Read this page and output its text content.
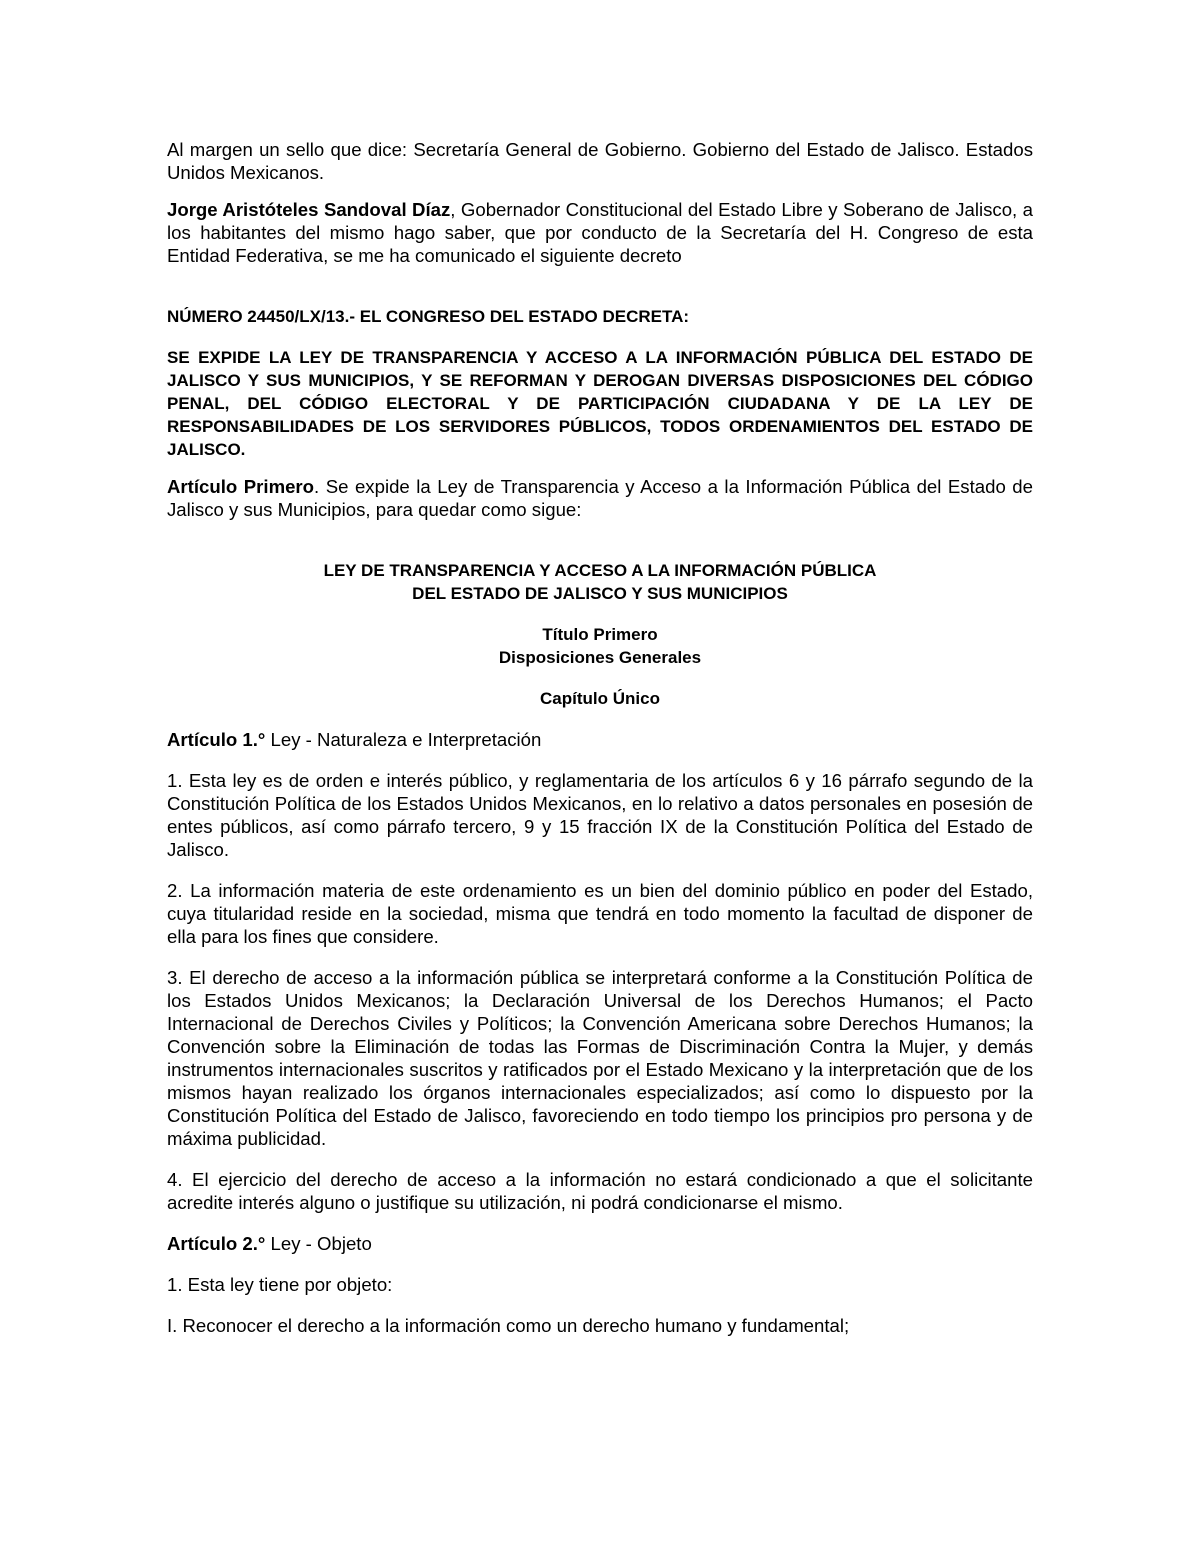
Al margen un sello que dice: Secretaría General de Gobierno. Gobierno del Estado de Jalisco. Estados Unidos Mexicanos.

Jorge Aristóteles Sandoval Díaz, Gobernador Constitucional del Estado Libre y Soberano de Jalisco, a los habitantes del mismo hago saber, que por conducto de la Secretaría del H. Congreso de esta Entidad Federativa, se me ha comunicado el siguiente decreto

NÚMERO 24450/LX/13.- EL CONGRESO DEL ESTADO DECRETA:

SE EXPIDE LA LEY DE TRANSPARENCIA Y ACCESO A LA INFORMACIÓN PÚBLICA DEL ESTADO DE JALISCO Y SUS MUNICIPIOS, Y SE REFORMAN Y DEROGAN DIVERSAS DISPOSICIONES DEL CÓDIGO PENAL, DEL CÓDIGO ELECTORAL Y DE PARTICIPACIÓN CIUDADANA Y DE LA LEY DE RESPONSABILIDADES DE LOS SERVIDORES PÚBLICOS, TODOS ORDENAMIENTOS DEL ESTADO DE JALISCO.

Artículo Primero. Se expide la Ley de Transparencia y Acceso a la Información Pública del Estado de Jalisco y sus Municipios, para quedar como sigue:

LEY DE TRANSPARENCIA Y ACCESO A LA INFORMACIÓN PÚBLICA
DEL ESTADO DE JALISCO Y SUS MUNICIPIOS
Título Primero
Disposiciones Generales
Capítulo Único

Artículo 1.° Ley - Naturaleza e Interpretación

1. Esta ley es de orden e interés público, y reglamentaria de los artículos 6 y 16 párrafo segundo de la Constitución Política de los Estados Unidos Mexicanos, en lo relativo a datos personales en posesión de entes públicos, así como párrafo tercero, 9 y 15 fracción IX de la Constitución Política del Estado de Jalisco.

2. La información materia de este ordenamiento es un bien del dominio público en poder del Estado, cuya titularidad reside en la sociedad, misma que tendrá en todo momento la facultad de disponer de ella para los fines que considere.

3. El derecho de acceso a la información pública se interpretará conforme a la Constitución Política de los Estados Unidos Mexicanos; la Declaración Universal de los Derechos Humanos; el Pacto Internacional de Derechos Civiles y Políticos; la Convención Americana sobre Derechos Humanos; la Convención sobre la Eliminación de todas las Formas de Discriminación Contra la Mujer, y demás instrumentos internacionales suscritos y ratificados por el Estado Mexicano y la interpretación que de los mismos hayan realizado los órganos internacionales especializados; así como lo dispuesto por la Constitución Política del Estado de Jalisco, favoreciendo en todo tiempo los principios pro persona y de máxima publicidad.

4. El ejercicio del derecho de acceso a la información no estará condicionado a que el solicitante acredite interés alguno o justifique su utilización, ni podrá condicionarse el mismo.

Artículo 2.° Ley - Objeto

1. Esta ley tiene por objeto:

I. Reconocer el derecho a la información como un derecho humano y fundamental;
